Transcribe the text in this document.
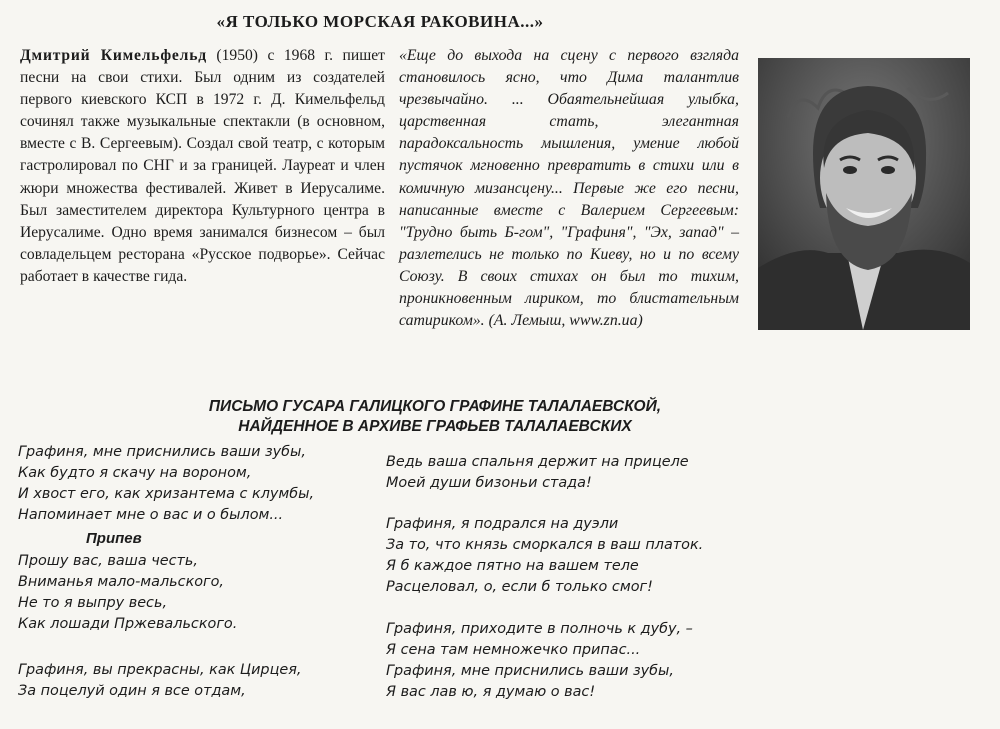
«Я ТОЛЬКО МОРСКАЯ РАКОВИНА...»
Дмитрий Кимельфельд (1950) с 1968 г. пишет песни на свои стихи. Был одним из создателей первого киевского КСП в 1972 г. Д. Кимельфельд сочинял также музыкальные спектакли (в основном, вместе с В. Сергеевым). Создал свой театр, с которым гастролировал по СНГ и за границей. Лауреат и член жюри множества фестивалей. Живет в Иерусалиме. Был заместителем директора Культурного центра в Иерусалиме. Одно время занимался бизнесом – был совладельцем ресторана «Русское подворье». Сейчас работает в качестве гида.
«Еще до выхода на сцену с первого взгляда становилось ясно, что Дима талантлив чрезвычайно. ... Обаятельнейшая улыбка, царственная стать, элегантная парадоксальность мышления, умение любой пустячок мгновенно превратить в стихи или в комичную мизансцену... Первые же его песни, написанные вместе с Валерием Сергеевым: "Трудно быть Б-гом", "Графиня", "Эх, запад" – разлетелись не только по Киеву, но и по всему Союзу. В своих стихах он был то тихим, проникновенным лириком, то блистательным сатириком». (А. Лемыш, www.zn.ua)
ПИСЬМО ГУСАРА ГАЛИЦКОГО ГРАФИНЕ ТАЛАЛАЕВСКОЙ,
НАЙДЕННОЕ В АРХИВЕ ГРАФЬЕВ ТАЛАЛАЕВСКИХ
Графиня, мне приснились ваши зубы,
Как будто я скачу на вороном,
И хвост его, как хризантема с клумбы,
Напоминает мне о вас и о былом...
Припев
Прошу вас, ваша честь,
Вниманья мало-мальского,
Не то я выпру весь,
Как лошади Пржевальского.
Графиня, вы прекрасны, как Цирцея,
За поцелуй один я все отдам,
Ведь ваша спальня держит на прицеле
Моей души бизоньи стада!
Графиня, я подрался на дуэли
За то, что князь сморкался в ваш платок.
Я б каждое пятно на вашем теле
Расцеловал, о, если б только смог!
Графиня, приходите в полночь к дубу, –
Я сена там немножечко припас...
Графиня, мне приснились ваши зубы,
Я вас лав ю, я думаю о вас!
